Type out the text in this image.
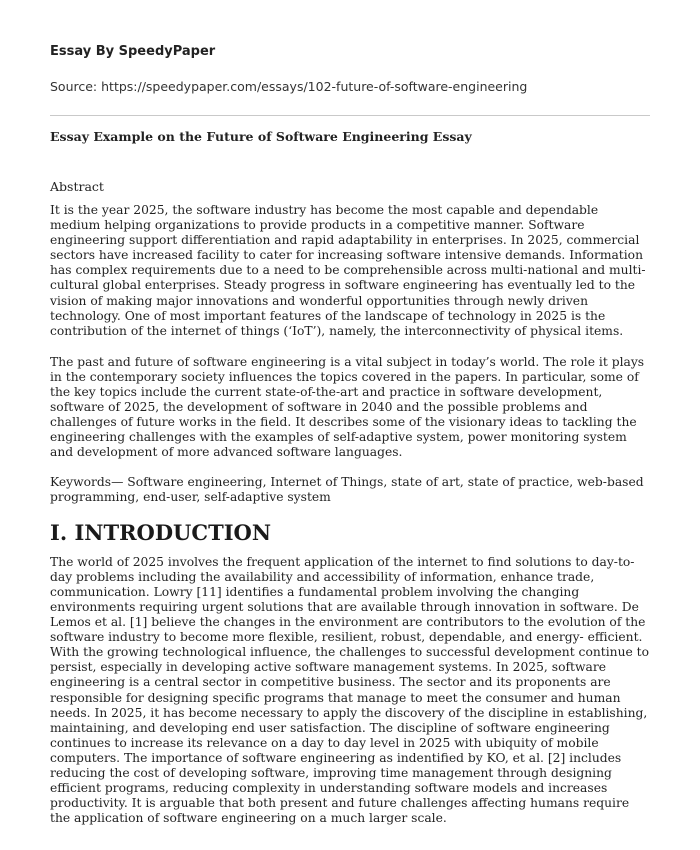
Essay By SpeedyPaper
Source: https://speedypaper.com/essays/102-future-of-software-engineering
Essay Example on the Future of Software Engineering Essay
Abstract

It is the year 2025, the software industry has become the most capable and dependable medium helping organizations to provide products in a competitive manner. Software engineering support differentiation and rapid adaptability in enterprises. In 2025, commercial sectors have increased facility to cater for increasing software intensive demands. Information has complex requirements due to a need to be comprehensible across multi-national and multi-cultural global enterprises. Steady progress in software engineering has eventually led to the vision of making major innovations and wonderful opportunities through newly driven technology. One of most important features of the landscape of technology in 2025 is the contribution of the internet of things (‘IoT’), namely, the interconnectivity of physical items.

The past and future of software engineering is a vital subject in today’s world. The role it plays in the contemporary society influences the topics covered in the papers. In particular, some of the key topics include the current state-of-the-art and practice in software development, software of 2025, the development of software in 2040 and the possible problems and challenges of future works in the field. It describes some of the visionary ideas to tackling the engineering challenges with the examples of self-adaptive system, power monitoring system and development of more advanced software languages.

Keywords— Software engineering, Internet of Things, state of art, state of practice, web-based programming, end-user, self-adaptive system
I. INTRODUCTION

The world of 2025 involves the frequent application of the internet to find solutions to day-to-day problems including the availability and accessibility of information, enhance trade, communication. Lowry [11] identifies a fundamental problem involving the changing environments requiring urgent solutions that are available through innovation in software. De Lemos et al. [1] believe the changes in the environment are contributors to the evolution of the software industry to become more flexible, resilient, robust, dependable, and energy- efficient. With the growing technological influence, the challenges to successful development continue to persist, especially in developing active software management systems. In 2025, software engineering is a central sector in competitive business. The sector and its proponents are responsible for designing specific programs that manage to meet the consumer and human needs. In 2025, it has become necessary to apply the discovery of the discipline in establishing, maintaining, and developing end user satisfaction. The discipline of software engineering continues to increase its relevance on a day to day level in 2025 with ubiquity of mobile computers. The importance of software engineering as indentified by KO, et al. [2] includes reducing the cost of developing software, improving time management through designing efficient programs, reducing complexity in understanding software models and increases productivity. It is arguable that both present and future challenges affecting humans require the application of software engineering on a much larger scale.
